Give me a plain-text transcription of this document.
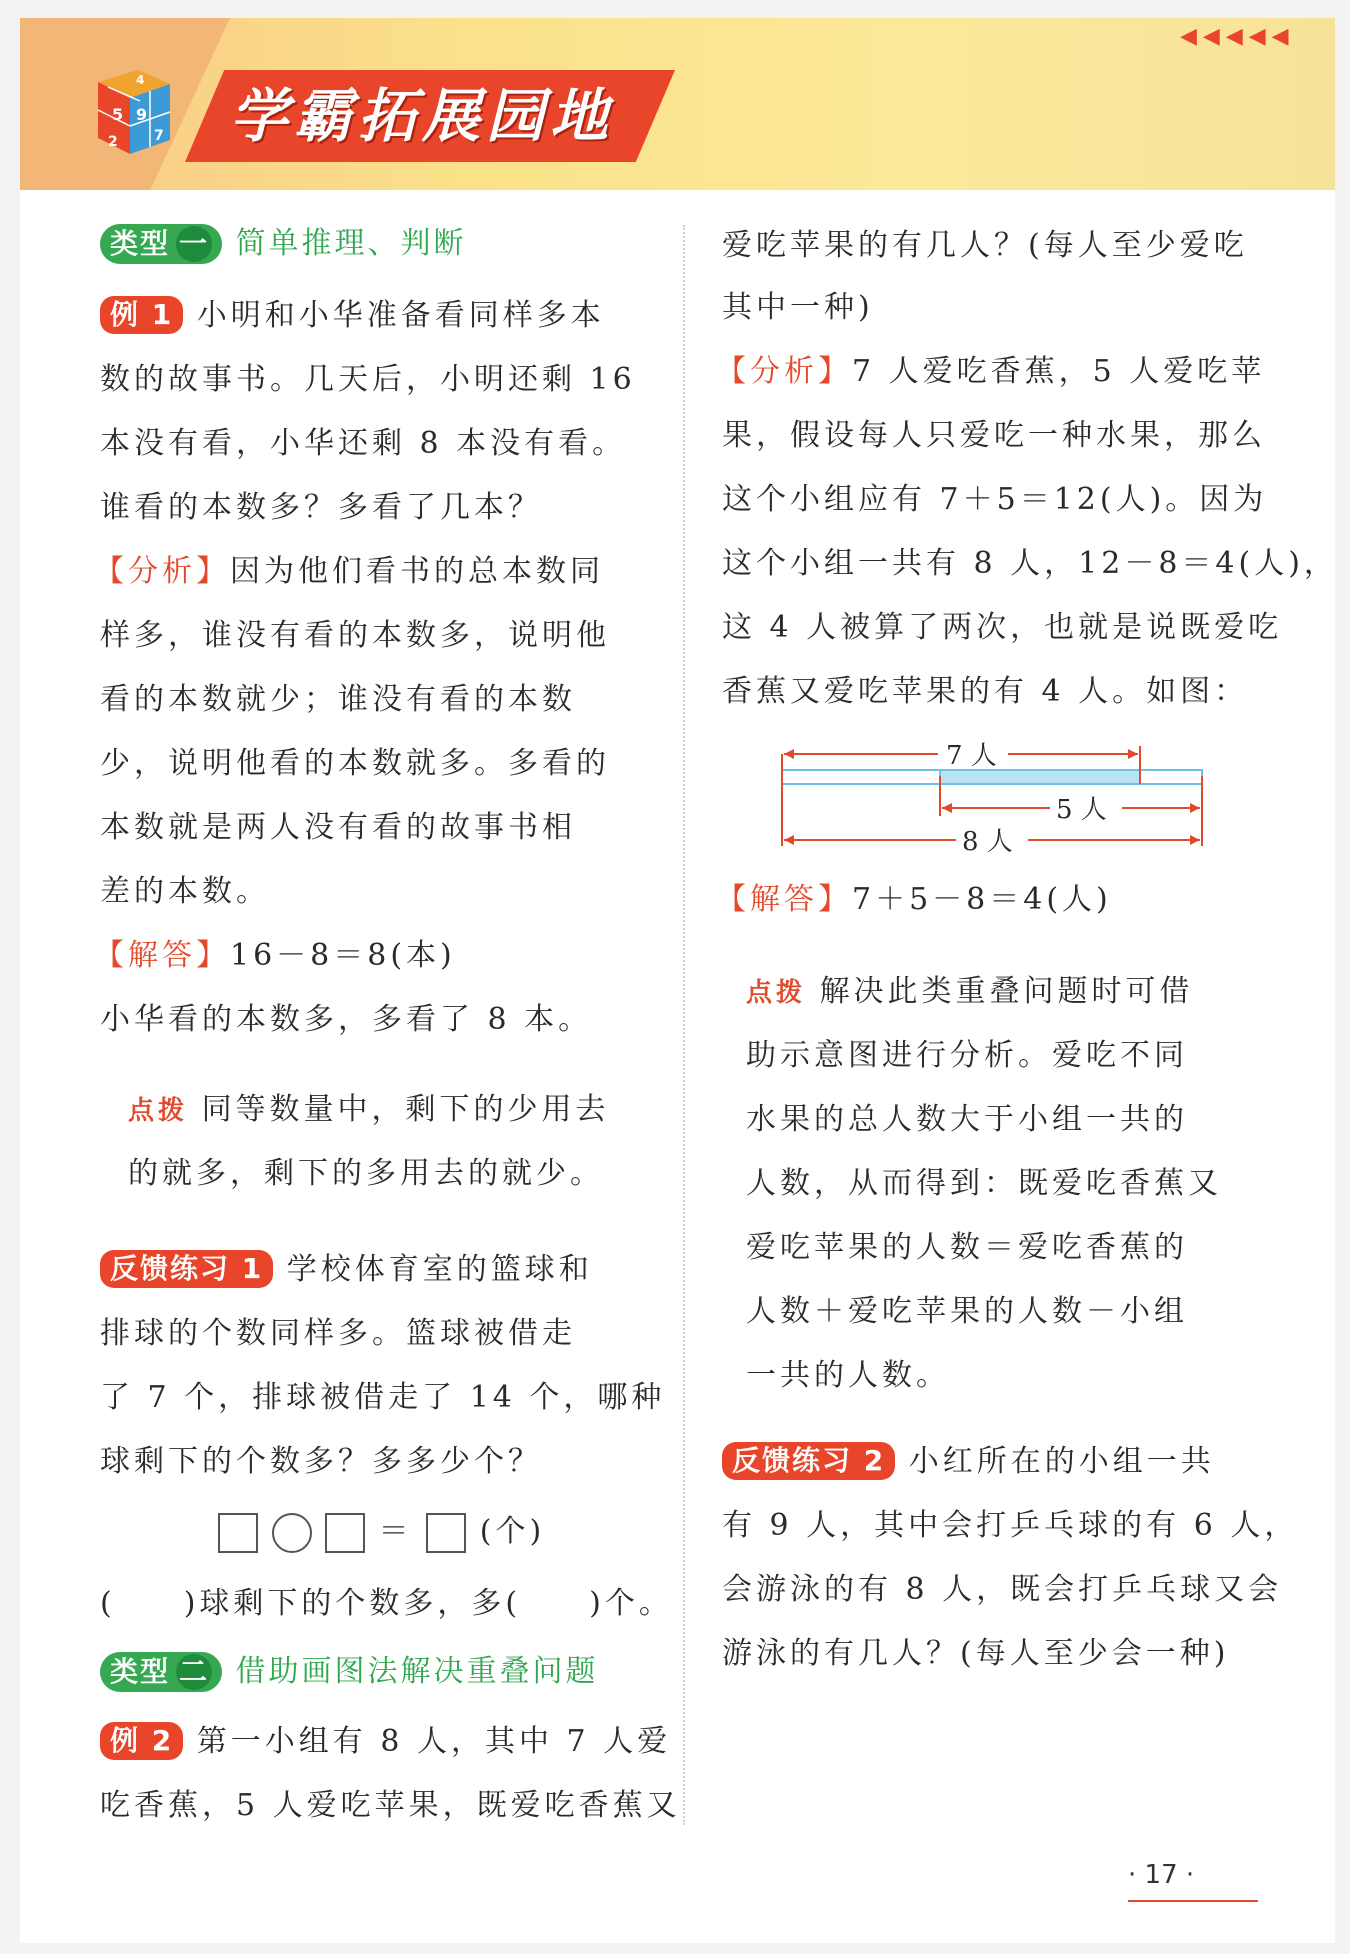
学霸拓展园地
5 9
4
2	7
◀◀◀◀◀
类型 一 简单推理、判断
例 1 小明和小华准备看同样多本
数的故事书。几天后，小明还剩 16
本没有看，小华还剩 8 本没有看。
谁看的本数多？多看了几本？
【分析】因为他们看书的总本数同
样多，谁没有看的本数多，说明他
看的本数就少；谁没有看的本数
少，说明他看的本数就多。多看的
本数就是两人没有看的故事书相
差的本数。
【解答】16－8＝8(本)
小华看的本数多，多看了 8 本。
点拨 同等数量中，剩下的少用去
的就多，剩下的多用去的就少。
反馈练习 1 学校体育室的篮球和
排球的个数同样多。篮球被借走
了 7 个，排球被借走了 14 个，哪种
球剩下的个数多？多多少个？
＝ (个)
(　　)球剩下的个数多，多(　　)个。
类型 二 借助画图法解决重叠问题
例 2 第一小组有 8 人，其中 7 人爱
吃香蕉，5 人爱吃苹果，既爱吃香蕉又
爱吃苹果的有几人？(每人至少爱吃
其中一种)
【分析】7 人爱吃香蕉，5 人爱吃苹
果，假设每人只爱吃一种水果，那么
这个小组应有 7＋5＝12(人)。因为
这个小组一共有 8 人，12－8＝4(人)，
这 4 人被算了两次，也就是说既爱吃
香蕉又爱吃苹果的有 4 人。如图：
7 人
5 人
8 人
【解答】7＋5－8＝4(人)
点拨 解决此类重叠问题时可借
助示意图进行分析。爱吃不同
水果的总人数大于小组一共的
人数，从而得到：既爱吃香蕉又
爱吃苹果的人数＝爱吃香蕉的
人数＋爱吃苹果的人数－小组
一共的人数。
反馈练习 2 小红所在的小组一共
有 9 人，其中会打乒乓球的有 6 人，
会游泳的有 8 人，既会打乒乓球又会
游泳的有几人？(每人至少会一种)
· 17 ·
